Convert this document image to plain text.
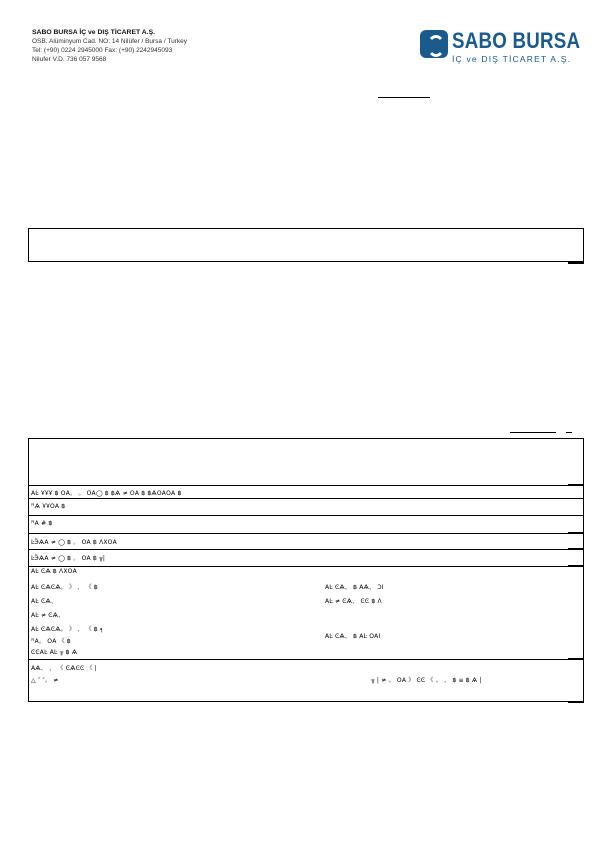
SABO BURSA İÇ ve DIŞ TİCARET A.Ş.
OSB. Alüminyum Cad. NO: 14 Nilüfer / Bursa / Turkey
Tel: (+90) 0224 2945000 Fax: (+90) 2242945093
Nilufer V.D. 736 057 9568
SABO BURSA
İÇ ve DIŞ TİCARET A.Ş.
AĿ ҰҰҰ ฿ ОА。 。 ОА◯ ฿ ฿Ѧ ≠ ОА ฿ ฿ѦОАОА ฿
ꟸѦ ҰҰОА ฿
ꟸА # ฿
ĿӬѦА ≠ ◯ ฿ 。 ОА ฿ ΛХОА
ĿӬѦА ≠ ◯ ฿ 。 ОА ฿ ╥|
АĿ ϾѦ ฿ ΛХОА
АĿ ϾѦϾѦ。 》 、 《 ฿
АĿ ϾѦ、
АĿ ≠ ϾѦ、
АĿ ϾѦϾѦ。 》 、 《 ฿ ╕
ꟸА。 ОА 《 ฿
ϾϾАĿ АĿ ╥ ฿ Ѧ
АѦ、 、 《 ϾѦϾϾ 《 |
△ ″ ″。 ≠
АĿ ϾѦ、 ฿ АѦ、 ϽІ
АĿ ≠ ϾѦ、 ϾϾ ฿ Λ
АĿ ϾѦ、 ฿ АĿ ОАІ
╥ | ≠ 。 ОА 》 ϾϾ 《 。 、 ฿ ≡ ฿ Ѧ |
